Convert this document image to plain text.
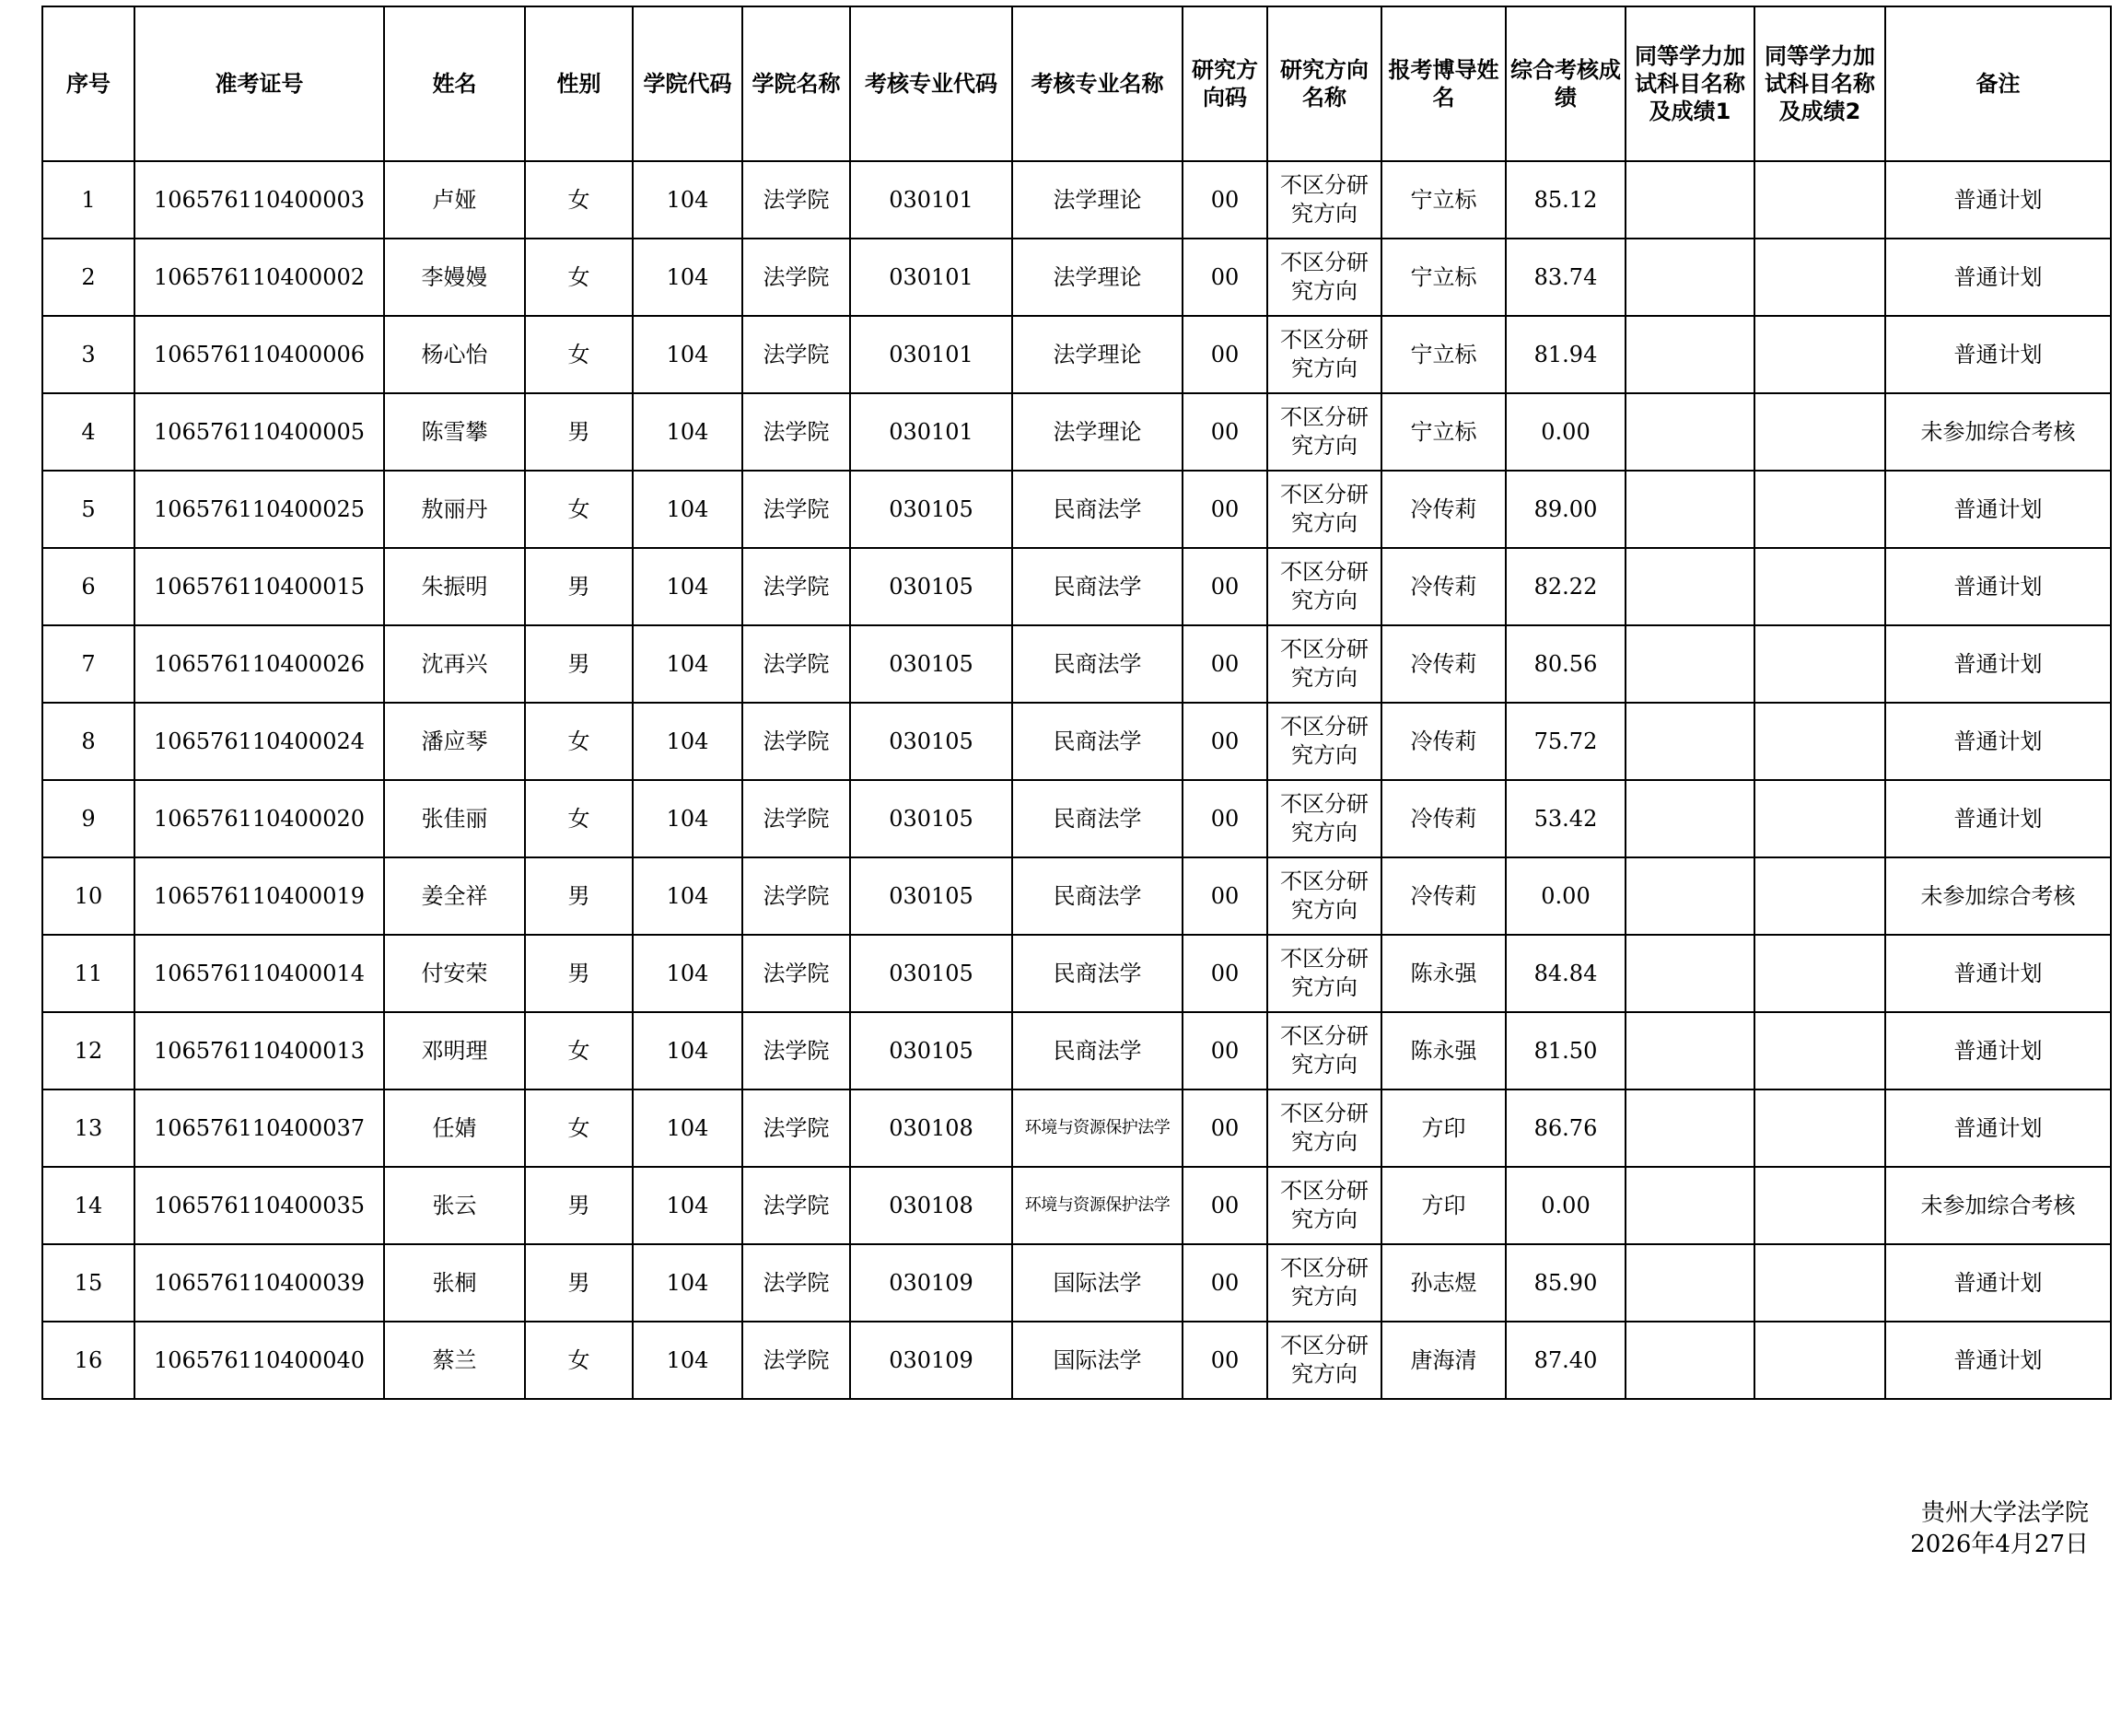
序号	准考证号	姓名	性别	学院代码	学院名称	考核专业代码	考核专业名称	研究方向码	研究方向名称	报考博导姓名	综合考核成绩	同等学力加试科目名称及成绩1	同等学力加试科目名称及成绩2	备注
1	106576110400003	卢娅	女	104	法学院	030101	法学理论	00	不区分研究方向	宁立标	85.12			普通计划
2	106576110400002	李嫚嫚	女	104	法学院	030101	法学理论	00	不区分研究方向	宁立标	83.74			普通计划
3	106576110400006	杨心怡	女	104	法学院	030101	法学理论	00	不区分研究方向	宁立标	81.94			普通计划
4	106576110400005	陈雪攀	男	104	法学院	030101	法学理论	00	不区分研究方向	宁立标	0.00			未参加综合考核
5	106576110400025	敖丽丹	女	104	法学院	030105	民商法学	00	不区分研究方向	冷传莉	89.00			普通计划
6	106576110400015	朱振明	男	104	法学院	030105	民商法学	00	不区分研究方向	冷传莉	82.22			普通计划
7	106576110400026	沈再兴	男	104	法学院	030105	民商法学	00	不区分研究方向	冷传莉	80.56			普通计划
8	106576110400024	潘应琴	女	104	法学院	030105	民商法学	00	不区分研究方向	冷传莉	75.72			普通计划
9	106576110400020	张佳丽	女	104	法学院	030105	民商法学	00	不区分研究方向	冷传莉	53.42			普通计划
10	106576110400019	姜全祥	男	104	法学院	030105	民商法学	00	不区分研究方向	冷传莉	0.00			未参加综合考核
11	106576110400014	付安荣	男	104	法学院	030105	民商法学	00	不区分研究方向	陈永强	84.84			普通计划
12	106576110400013	邓明理	女	104	法学院	030105	民商法学	00	不区分研究方向	陈永强	81.50			普通计划
13	106576110400037	任婧	女	104	法学院	030108	环境与资源保护法学	00	不区分研究方向	方印	86.76			普通计划
14	106576110400035	张云	男	104	法学院	030108	环境与资源保护法学	00	不区分研究方向	方印	0.00			未参加综合考核
15	106576110400039	张桐	男	104	法学院	030109	国际法学	00	不区分研究方向	孙志煜	85.90			普通计划
16	106576110400040	蔡兰	女	104	法学院	030109	国际法学	00	不区分研究方向	唐海清	87.40			普通计划
贵州大学法学院
2026年4月27日
